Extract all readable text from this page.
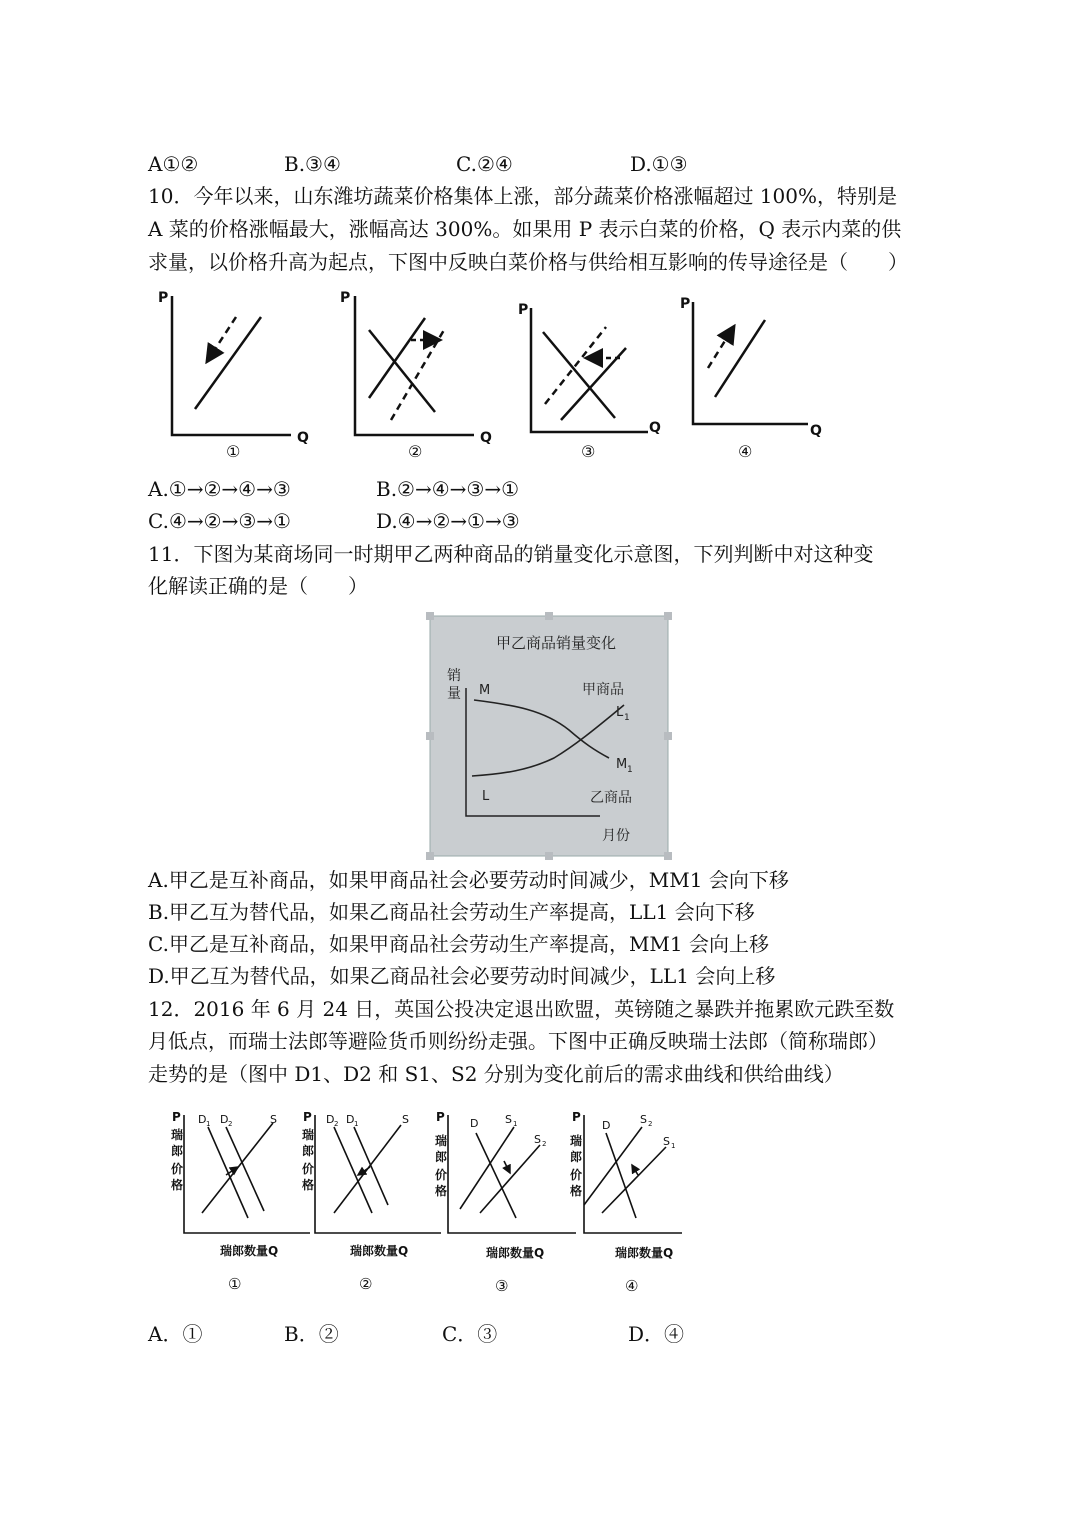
A①②	B.③④	C.②④	D.①③
10．今年以来，山东潍坊蔬菜价格集体上涨，部分蔬菜价格涨幅超过 100%，特别是
A 菜的价格涨幅最大，涨幅高达 300%。如果用 P 表示白菜的价格，Q 表示内菜的供
求量，以价格升高为起点，下图中反映白菜价格与供给相互影响的传导途径是（　　）
P
Q
P
Q
P
Q
P
Q
①	②	③	④
A.①→②→④→③	B.②→④→③→①
C.④→②→③→①	D.④→②→①→③
11．下图为某商场同一时期甲乙两种商品的销量变化示意图，下列判断中对这种变
化解读正确的是（　　）
甲乙商品销量变化
销
量 M	甲商品
L 1
M 1
L	乙商品
月份
A.甲乙是互补商品，如果甲商品社会必要劳动时间减少，MM1 会向下移
B.甲乙互为替代品，如果乙商品社会劳动生产率提高，LL1 会向下移
C.甲乙是互补商品，如果甲商品社会劳动生产率提高，MM1 会向上移
D.甲乙互为替代品，如果乙商品社会必要劳动时间减少，LL1 会向上移
12．2016 年 6 月 24 日，英国公投决定退出欧盟，英镑随之暴跌并拖累欧元跌至数
月低点，而瑞士法郎等避险货币则纷纷走强。下图中正确反映瑞士法郎（简称瑞郎）
走势的是（图中 D1、D2 和 S1、S2 分别为变化前后的需求曲线和供给曲线）
P	P	P	P
瑞
郎
价
格
瑞
郎
价
格
瑞
郎
价
格
瑞
郎
价
格
D 1 D 2	S	D 2 D 1	S	D S 1
S 2
D	S 2
S 1
瑞郎数量Q	瑞郎数量Q	瑞郎数量Q	瑞郎数量Q
①	②	③	④
A．①	B．②	C．③	D．④
